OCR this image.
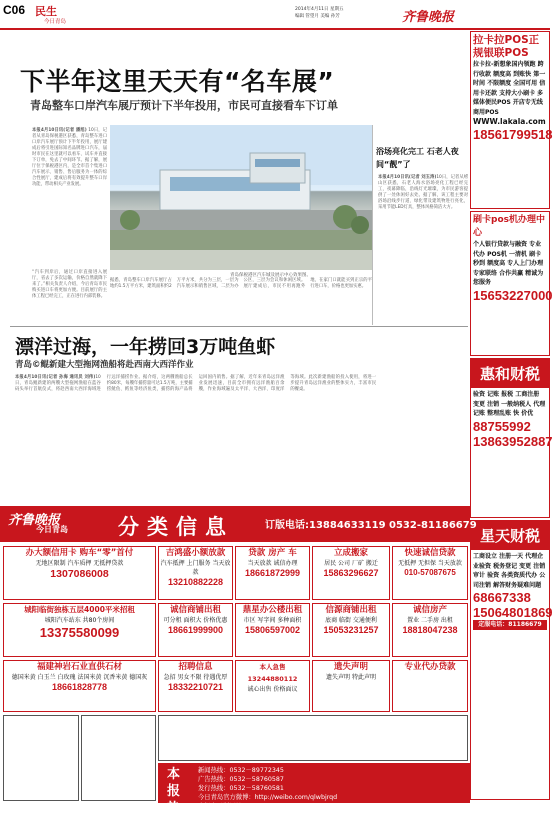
C06 民生
今日青岛
2014年4月11日 星期五
编辑 管望月 美编 孙芳	齐鲁晚报
下半年这里天天有“名车展”
青岛整车口岸汽车展厅预计下半年投用，市民可直接看车下订单
本报4月10日讯(记者 潘旭) 10日，记者从青岛保税港区获悉，青岛整车进口口岸汽车展厅预计下半年投用，展厅建成后将引进国际知名品牌进口汽车，届时市民在这里就可以看车、试车并直接下订单，免去了中间环节。据了解，展厅位于保税港区内，是全市首个集进口汽车展示、销售、售后服务为一体的综合性展厅，建成后将有效提升整车口岸功能，带动相关产业发展。
“汽车到岸后，通过口岸直接进入展厅，省去了多次运输，价格自然就降下来了。”相关负责人介绍，今后青岛市民购买进口车将更加方便。目前展厅的主体工程已经完工，正在进行内部装修。
青岛保税港区汽车城及展示中心效果图。
据悉，青岛整车口岸汽车展厅占地约1.5万平方米，建筑面积约2万平方米，共分为三层，一层为汽车展示和销售区域，二层为办公区，三层为会议和休闲区域。展厅建成后，市民不用再跑外地，在家门口就能买到正宗的平行进口车，价格也更加实惠。
浴场亮化完工 石老人夜间“靓”了
本报4月10日讯(记者 刘玉涛)10日，记者从崂山区获悉，石老人海水浴场亮化工程已经完工，夜幕降临，沿线灯光璀璨，为市民游客提供了一处休闲好去处。据了解，该工程主要对浴场沿线步行道、绿化带及建筑物进行亮化，采用节能LED灯具，整体风格简洁大方。
漂洋过海，一年捞回3万吨鱼虾
青岛©鲲新建大型拖网渔船将赴西南大西洋作业
本报4月10日讯(记者 孙海 通讯员 刘伟)10日，青岛鲲新建的两艘大型拖网渔船在蓝谷码头举行首航仪式，将赴西南大西洋海域进行远洋捕捞作业。据介绍，这两艘渔船总长约80米，每艘年捕捞量可达1.5万吨，主要捕捞鱿鱼、鳕鱼等经济鱼类，捕捞的海产品将运回国内销售。据了解，近年来青岛远洋渔业发展迅速，目前全市拥有远洋渔船百余艘，作业海域遍及太平洋、大西洋、印度洋等海域。此次新建渔船的投入使用，将进一步提升青岛远洋渔业的整体实力，丰富市民的餐桌。
拉卡拉POS正规银联POS
拉卡拉-新想象国内领跑 跨行收款 额度高 到账快 第一时间 不限额度 全国可用 信用卡还款 支持大小刷卡 多媒体便民POS 开店专无线商用POS
WWW.lakala.com
18561799518
刷卡pos机办理中心
个人银行贷款与融资 专业代办 POS机 一清机 刷卡秒到 额度高 专人上门办理 专家联络 合作共赢 精诚为您服务
15653227000
惠和财税
验资 记账 报税 工商注册 变更 注销 一般纳税人 代理记账 整理乱账 快 价优
88755992
13863952887
星天财税
工商设立 注册一天 代理企业验资 税务登记 变更 注销 审计 验资 各类资质代办 公司注销 解答财务疑难问题
68667338
15064801869
定服电话：81186679
齐鲁晚报
今日青岛 分类信息	订版电话:13884633119 0532-81186679
办大额信用卡 购车“零”首付
无地区限制 汽车质押 无抵押贷款
1307086008
吉鸿盛小额放款
汽车抵押 上门服务 当天放款
13210882228
贷款 房产 车
当天放款 诚信办理
18661872999
立成搬家
居民 公司 厂矿 搬迁
15863296627
快速诚信贷款
无抵押 无担保 当天放款
010-57087675
城阳临街独栋五层4000平米招租
城阳汽车站东 共80个房间
13375580099
诚信商铺出租
可分租 面积大 价格优惠
18661999900
鼎星办公楼出租
市区 写字间 多种面积
15806597002
信源商铺出租
底商 临街 交通便利
15053231257
诚信房产
置业 二手房 出租
18818047238
福建神岩石业直供石材
德国米黄 白玉兰 白玫瑰 法国米黄 沉香米黄 德国灰
18661828778
招聘信息
急招 男女不限 待遇优厚
18332210721
本人急售13244880112
诚心出售 价格面议
遗失声明
遗失声明 特此声明
专业代办贷款
本报热线
新闻热线：0532－89772345
广告热线：0532－58760587
发行热线：0532－58760581
今日青岛官方微博：http://weibo.com/qlwbjrqd
本报电子版网址：http://qingdao.qlwb.com.cn
